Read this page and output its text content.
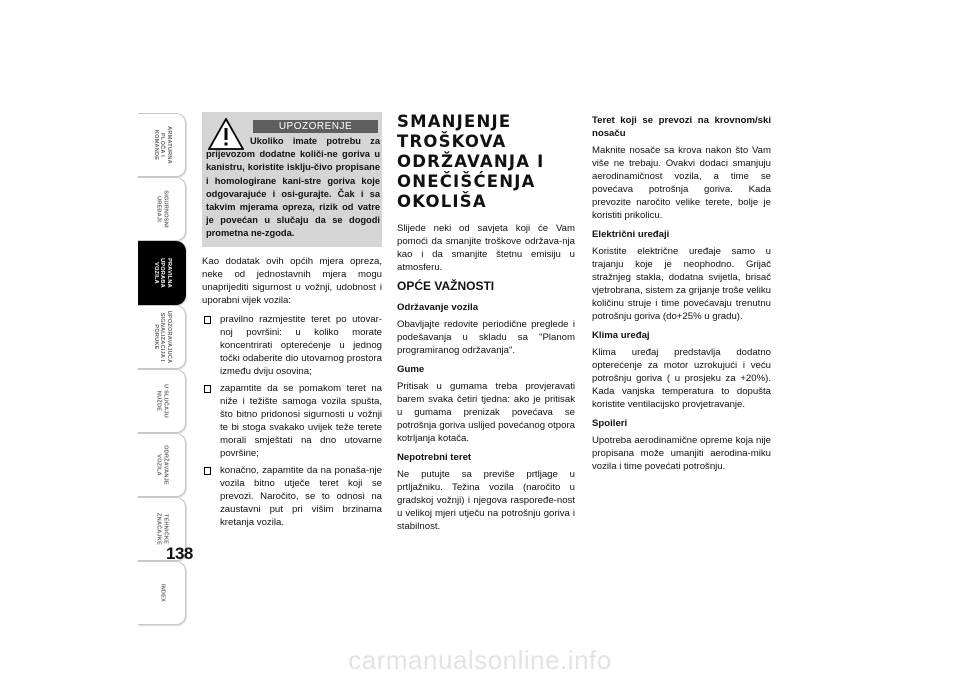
ARMATURNA
PLOČA I
KOMANDE
SIGURNOSNI
UREĐAJI
PRAVILNA
UPORABA
VOZILA
UPOZORAVAJUĆA
SIGNALIZACIJA I
PORUKE
U SLUČAJU
NUŽDE
ODRŽAVANJE
VOZILA
TEHNIČKE
ZNAČAJKE
INDEX
138
UPOZORENJE
Ukoliko imate potrebu za prijevozom dodatne količi-ne goriva u kanistru, koristite isklju-čivo propisane i homologirane kani-stre goriva koje odgovarajuće i osi-gurajte. Čak i sa takvim mjerama opreza, rizik od vatre je povećan u slučaju da se dogodi prometna ne-zgoda.

Kao dodatak ovih općih mjera opreza, neke od jednostavnih mjera mogu unaprijediti sigurnost u vožnji, udobnost i uporabni vijek vozila:

pravilno razmjestite teret po utovar-noj površini: u koliko morate koncentrirati opterećenje u jednog točki odaberite dio utovarnog prostora između dviju osovina;
zapamtite da se pomakom teret na niže i težište samoga vozila spušta, što bitno pridonosi sigurnosti u vožnji te bi stoga svakako uvijek teže terete morali smještati na dno utovarne površine;
konačno, zapamtite da na ponaša-nje vozila bitno utječe teret koji se prevozi. Naročito, se to odnosi na zaustavni put pri višim brzinama kretanja vozila.
SMANJENJE TROŠKOVA ODRŽAVANJA I ONEČIŠĆENJA OKOLIŠA

Slijede neki od savjeta koji će Vam pomoći da smanjite troškove održava-nja kao i da smanjite štetnu emisiju u atmosferu.

OPĆE VAŽNOSTI

Održavanje vozila

Obavljajte redovite periodične preglede i podešavanja u skladu sa "Planom programiranog održavanja".

Gume

Pritisak u gumama treba provjeravati barem svaka četiri tjedna: ako je pritisak u gumama prenizak povećava se potrošnja goriva uslijed povećanog otpora kotrljanja kotača.

Nepotrebni teret

Ne putujte sa previše prtljage u prtljažniku. Težina vozila (naročito u gradskoj vožnji) i njegova raspoređe-nost u velikoj mjeri utječu na potrošnju goriva i stabilnost.

Teret koji se prevozi na krovnom/ski nosaču

Maknite nosače sa krova nakon što Vam više ne trebaju. Ovakvi dodaci smanjuju aerodinamičnost vozila, a time se povećava potrošnja goriva. Kada prevozite naročito velike terete, bolje je koristiti prikolicu.

Električni uređaji

Koristite električne uređaje samo u trajanju koje je neophodno. Grijač stražnjeg stakla, dodatna svijetla, brisač vjetrobrana, sistem za grijanje troše veliku količinu struje i time povećavaju trenutnu potrošnju goriva (do+25% u gradu).

Klima uređaj

Klima uređaj predstavlja dodatno opterećenje za motor uzrokujući i veću potrošnju goriva ( u prosjeku za +20%). Kada vanjska temperatura to dopušta koristite ventilacijsko provjetravanje.

Spoileri

Upotreba aerodinamične opreme koja nije propisana može umanjiti aerodina-miku vozila i time povećati potrošnju.

carmanualsonline.info
